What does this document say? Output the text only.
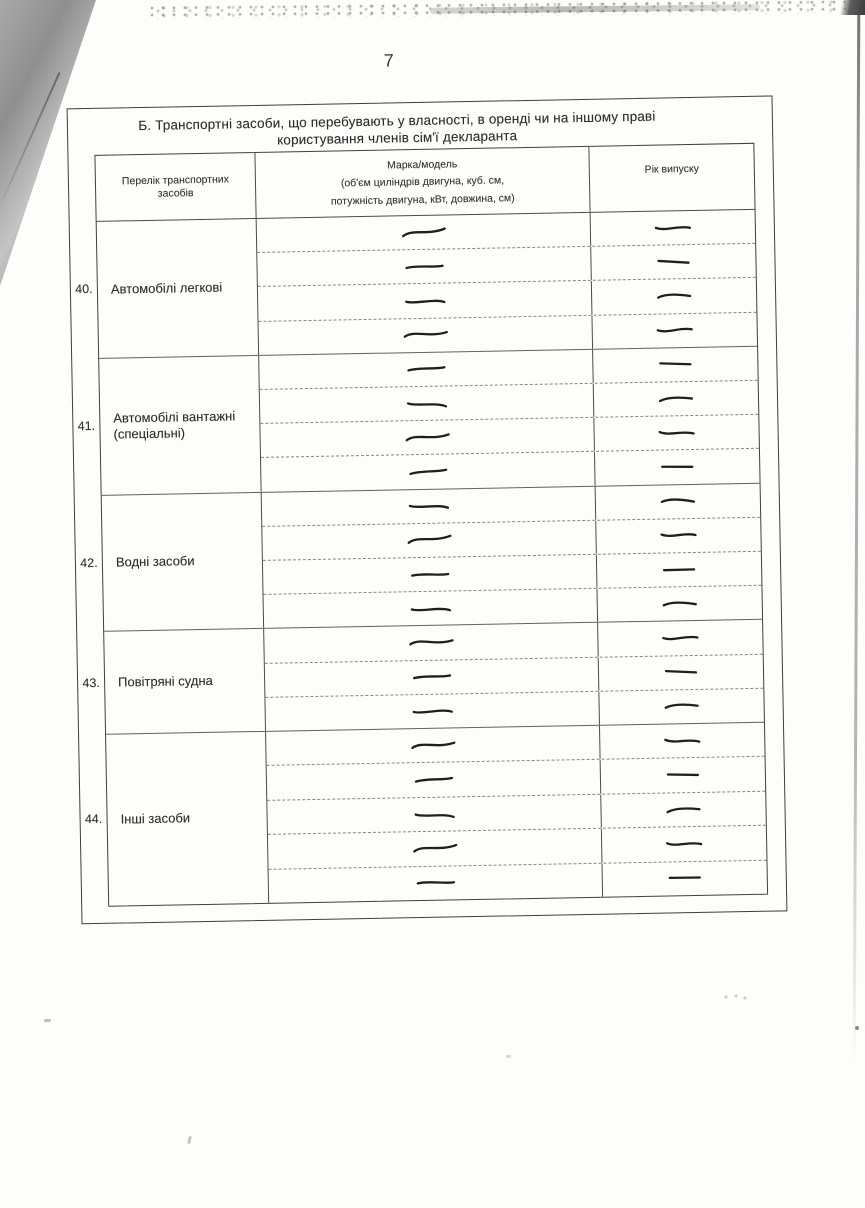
7
Б. Транспортні засоби, що перебувають у власності, в оренді чи на іншому праві
користування членів сім'ї декларанта
40.
41.
42.
43.
44.
Перелік транспортних засобів
Марка/модель
(об'єм циліндрів двигуна, куб. см,
потужність двигуна, кВт, довжина, см)
Рік випуску
Автомобілі легкові
Автомобілі вантажні
(спеціальні)
Водні засоби
Повітряні судна
Інші засоби
